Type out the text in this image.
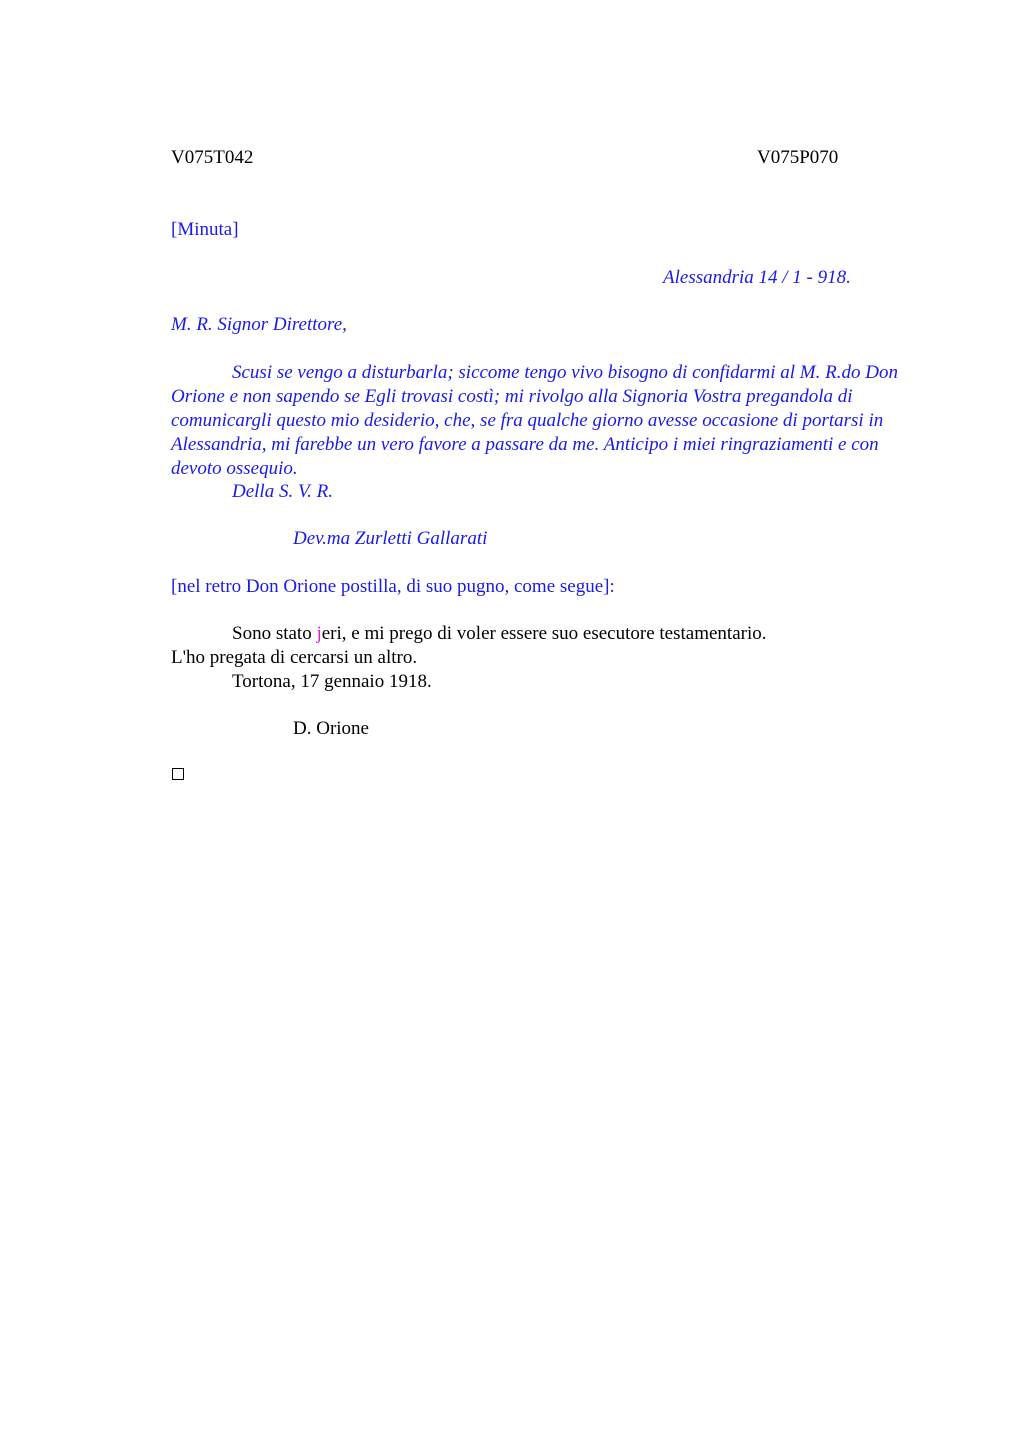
V075T042	V075P070
[Minuta]
Alessandria 14 / 1 - 918.
M. R. Signor Direttore,
Scusi se vengo a disturbarla; siccome tengo vivo bisogno di confidarmi al M. R.do Don Orione e non sapendo se Egli trovasi costì; mi rivolgo alla Signoria Vostra pregandola di comunicargli questo mio desiderio, che, se fra qualche giorno avesse occasione di portarsi in Alessandria, mi farebbe un vero favore a passare da me. Anticipo i miei ringraziamenti e con devoto ossequio.
Della S. V. R.
Dev.ma Zurletti Gallarati
[nel retro Don Orione postilla, di suo pugno, come segue]:
Sono stato jeri, e mi prego di voler essere suo esecutore testamentario.
L'ho pregata di cercarsi un altro.
Tortona, 17 gennaio 1918.
D. Orione
